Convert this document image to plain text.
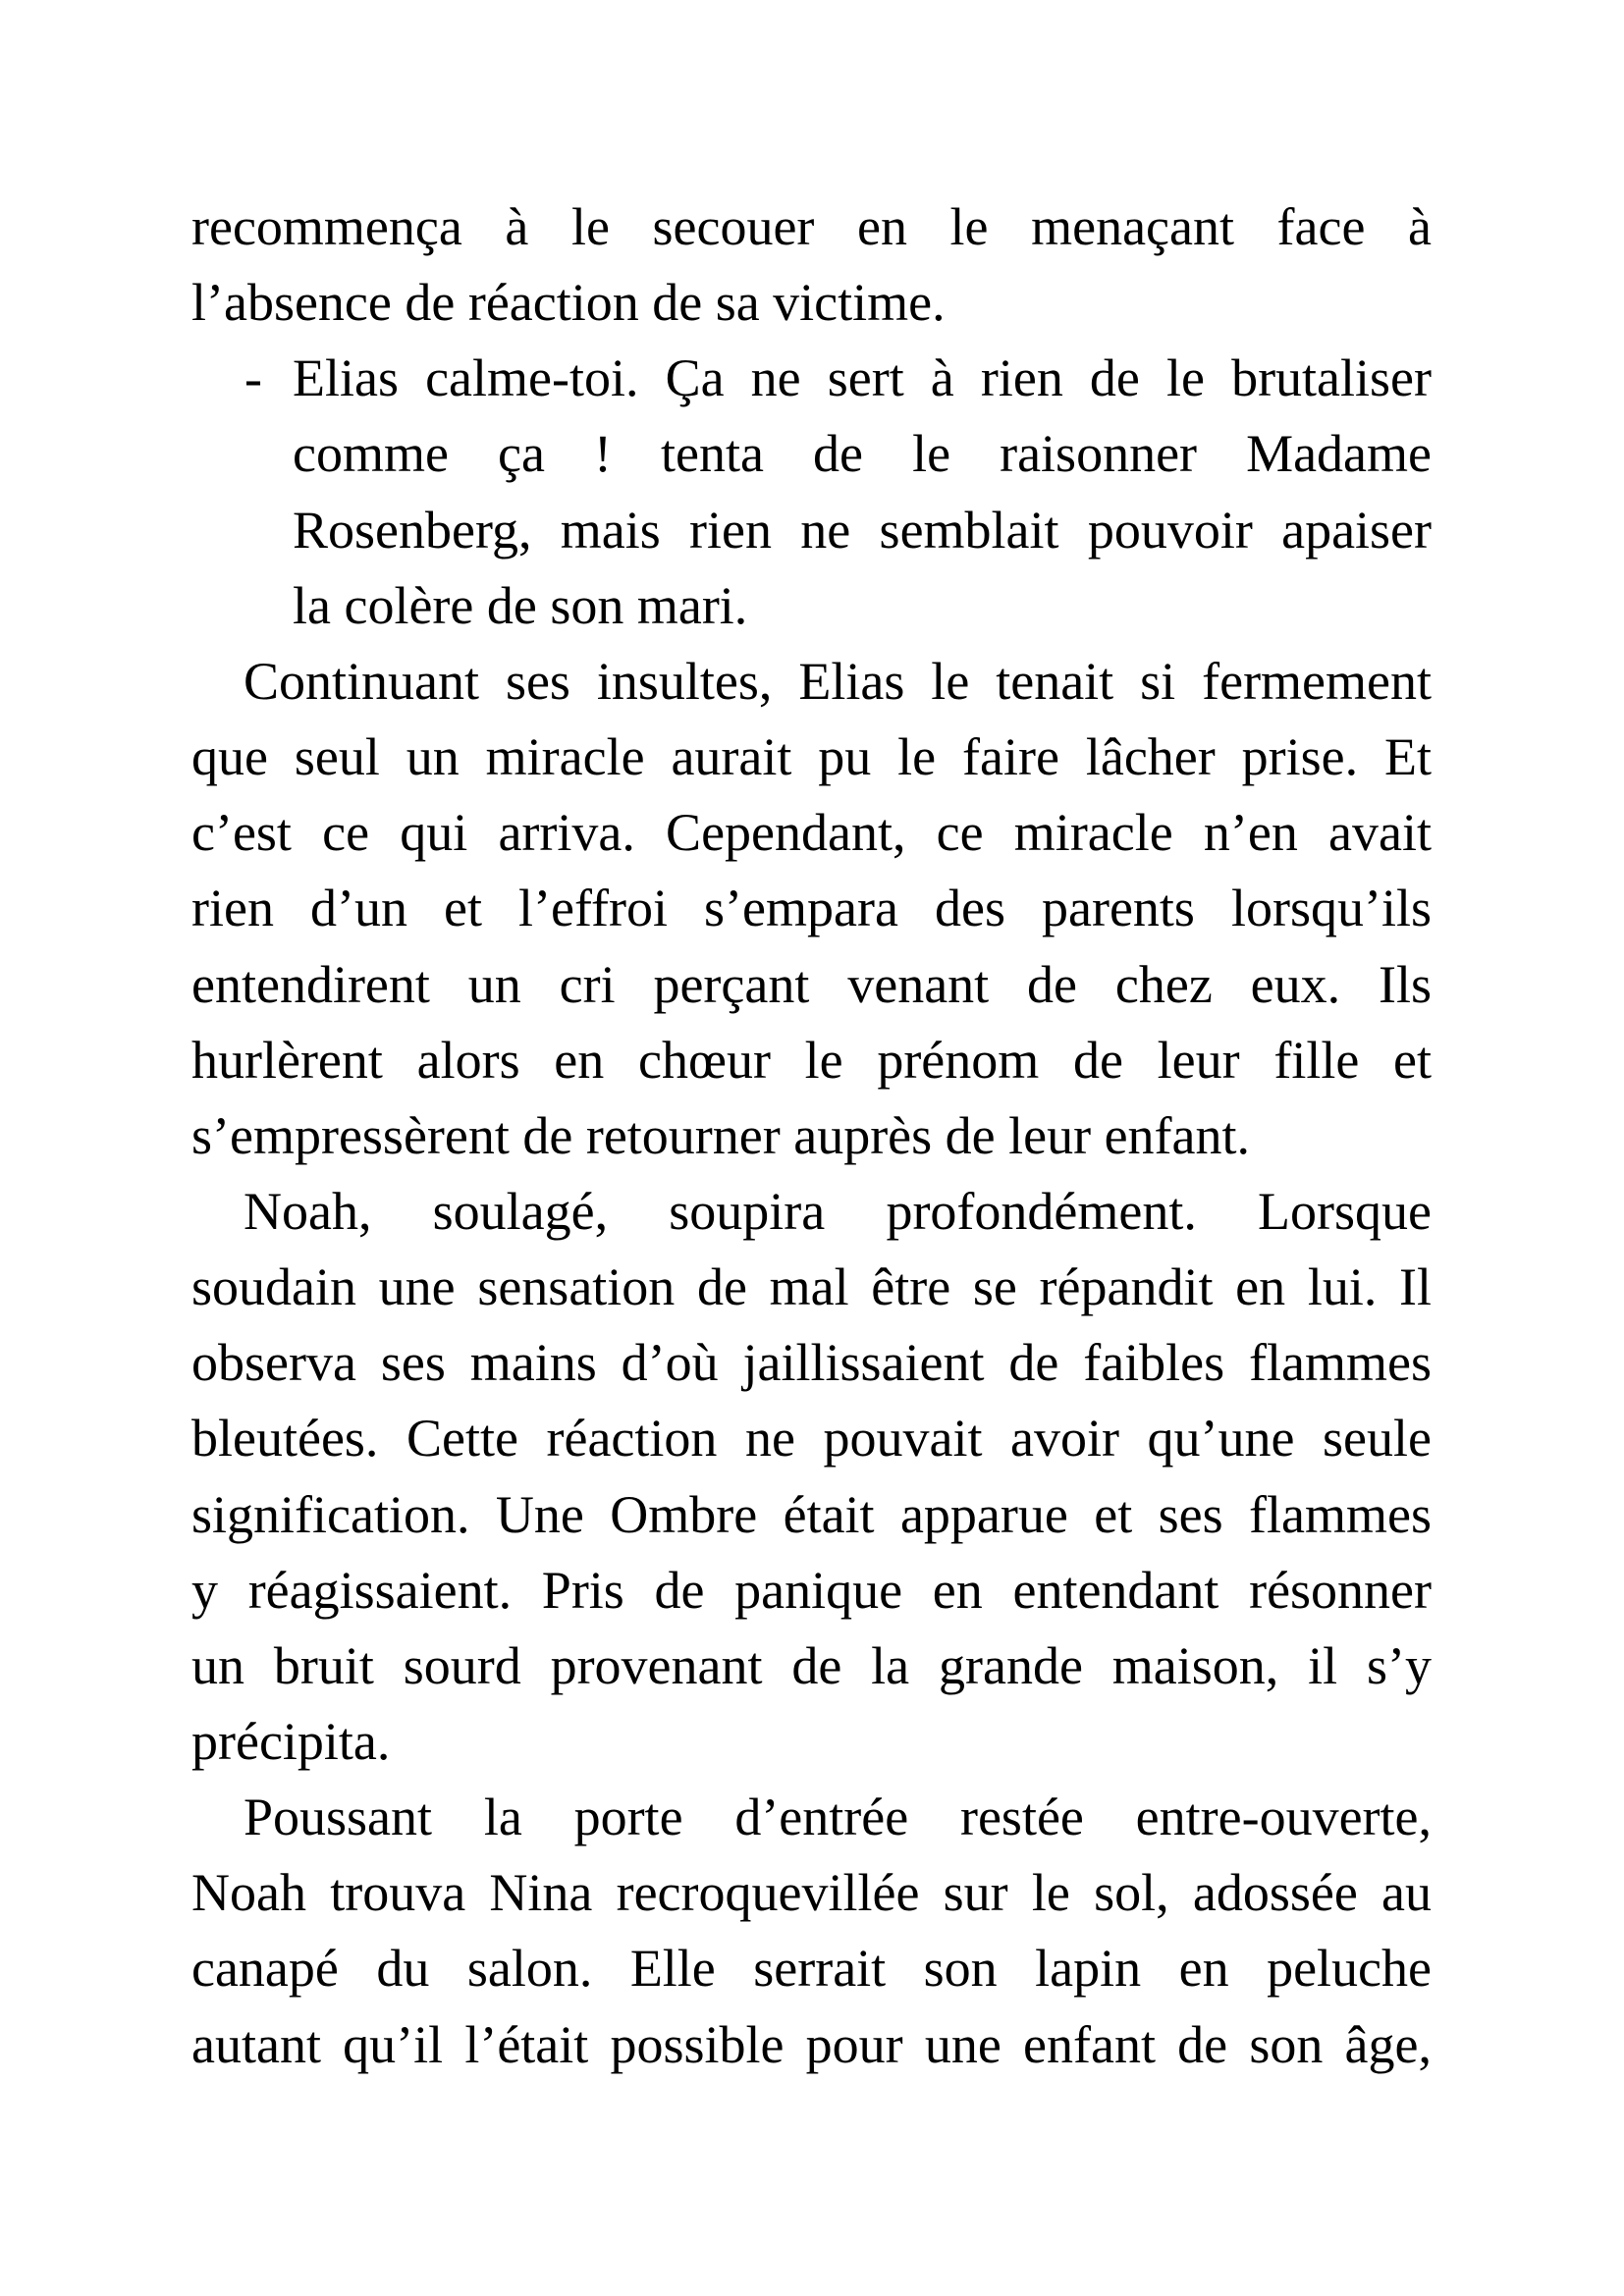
recommença à le secouer en le menaçant face à
l’absence de réaction de sa victime.
- Elias calme-toi. Ça ne sert à rien de le brutaliser
comme ça ! tenta de le raisonner Madame
Rosenberg, mais rien ne semblait pouvoir apaiser
la colère de son mari.
Continuant ses insultes, Elias le tenait si fermement
que seul un miracle aurait pu le faire lâcher prise. Et
c’est ce qui arriva. Cependant, ce miracle n’en avait
rien d’un et l’effroi s’empara des parents lorsqu’ils
entendirent un cri perçant venant de chez eux. Ils
hurlèrent alors en chœur le prénom de leur fille et
s’empressèrent de retourner auprès de leur enfant.
Noah, soulagé, soupira profondément. Lorsque
soudain une sensation de mal être se répandit en lui. Il
observa ses mains d’où jaillissaient de faibles flammes
bleutées. Cette réaction ne pouvait avoir qu’une seule
signification. Une Ombre était apparue et ses flammes
y réagissaient. Pris de panique en entendant résonner
un bruit sourd provenant de la grande maison, il s’y
précipita.
Poussant la porte d’entrée restée entre-ouverte,
Noah trouva Nina recroquevillée sur le sol, adossée au
canapé du salon. Elle serrait son lapin en peluche
autant qu’il l’était possible pour une enfant de son âge,
